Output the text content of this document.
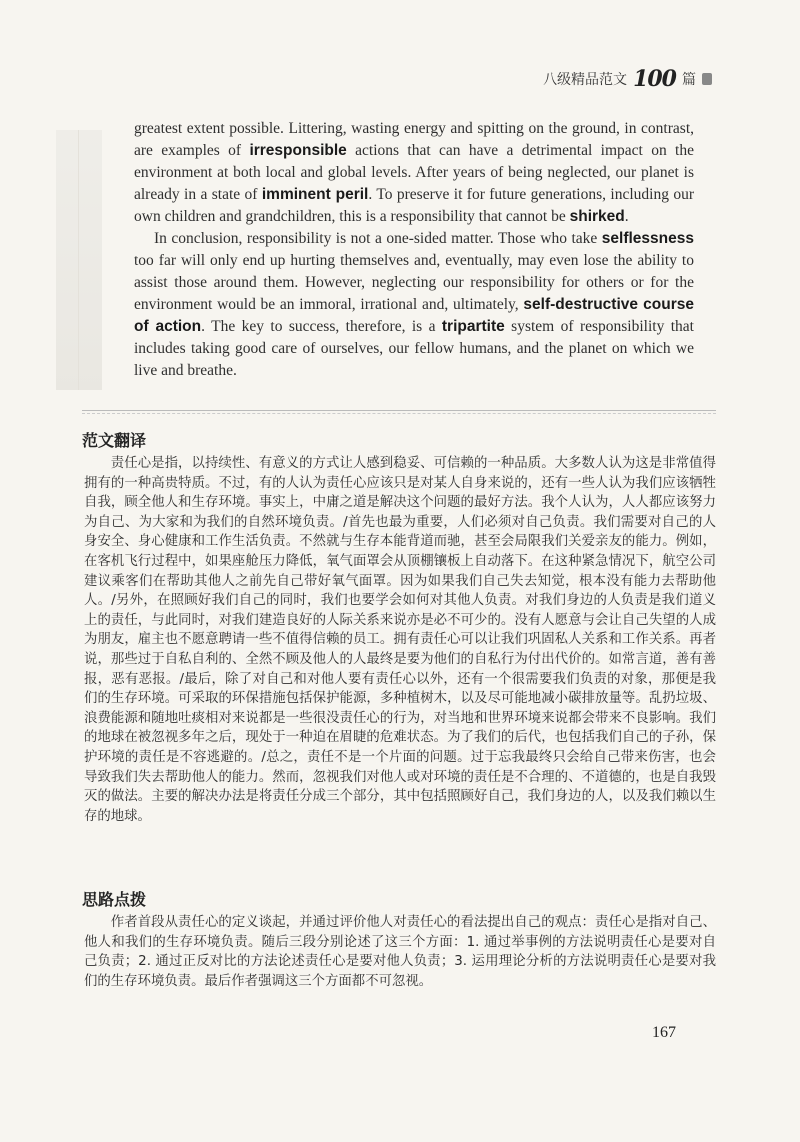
八级精品范文 100 篇

greatest extent possible. Littering, wasting energy and spitting on the ground, in contrast, are examples of irresponsible actions that can have a detrimental impact on the environment at both local and global levels. After years of being neglected, our planet is already in a state of imminent peril. To preserve it for future generations, including our own children and grandchildren, this is a responsibility that cannot be shirked.

In conclusion, responsibility is not a one-sided matter. Those who take selflessness too far will only end up hurting themselves and, eventually, may even lose the ability to assist those around them. However, neglecting our responsibility for others or for the environment would be an immoral, irrational and, ultimately, self-destructive course of action. The key to success, therefore, is a tripartite system of responsibility that includes taking good care of ourselves, our fellow humans, and the planet on which we live and breathe.

范文翻译

责任心是指，以持续性、有意义的方式让人感到稳妥、可信赖的一种品质。大多数人认为这是非常值得拥有的一种高贵特质。不过，有的人认为责任心应该只是对某人自身来说的，还有一些人认为我们应该牺牲自我，顾全他人和生存环境。事实上，中庸之道是解决这个问题的最好方法。我个人认为，人人都应该努力为自己、为大家和为我们的自然环境负责。/首先也最为重要，人们必须对自己负责。我们需要对自己的人身安全、身心健康和工作生活负责。不然就与生存本能背道而驰，甚至会局限我们关爱亲友的能力。例如，在客机飞行过程中，如果座舱压力降低，氧气面罩会从顶棚镶板上自动落下。在这种紧急情况下，航空公司建议乘客们在帮助其他人之前先自己带好氧气面罩。因为如果我们自己失去知觉，根本没有能力去帮助他人。/另外，在照顾好我们自己的同时，我们也要学会如何对其他人负责。对我们身边的人负责是我们道义上的责任，与此同时，对我们建造良好的人际关系来说亦是必不可少的。没有人愿意与会让自己失望的人成为朋友，雇主也不愿意聘请一些不值得信赖的员工。拥有责任心可以让我们巩固私人关系和工作关系。再者说，那些过于自私自利的、全然不顾及他人的人最终是要为他们的自私行为付出代价的。如常言道，善有善报，恶有恶报。/最后，除了对自己和对他人要有责任心以外，还有一个很需要我们负责的对象，那便是我们的生存环境。可采取的环保措施包括保护能源，多种植树木，以及尽可能地减小碳排放量等。乱扔垃圾、浪费能源和随地吐痰相对来说都是一些很没责任心的行为，对当地和世界环境来说都会带来不良影响。我们的地球在被忽视多年之后，现处于一种迫在眉睫的危难状态。为了我们的后代，也包括我们自己的子孙，保护环境的责任是不容逃避的。/总之，责任不是一个片面的问题。过于忘我最终只会给自己带来伤害，也会导致我们失去帮助他人的能力。然而，忽视我们对他人或对环境的责任是不合理的、不道德的，也是自我毁灭的做法。主要的解决办法是将责任分成三个部分，其中包括照顾好自己，我们身边的人，以及我们赖以生存的地球。

思路点拨

作者首段从责任心的定义谈起，并通过评价他人对责任心的看法提出自己的观点：责任心是指对自己、他人和我们的生存环境负责。随后三段分别论述了这三个方面：1. 通过举事例的方法说明责任心是要对自己负责；2. 通过正反对比的方法论述责任心是要对他人负责；3. 运用理论分析的方法说明责任心是要对我们的生存环境负责。最后作者强调这三个方面都不可忽视。

167
